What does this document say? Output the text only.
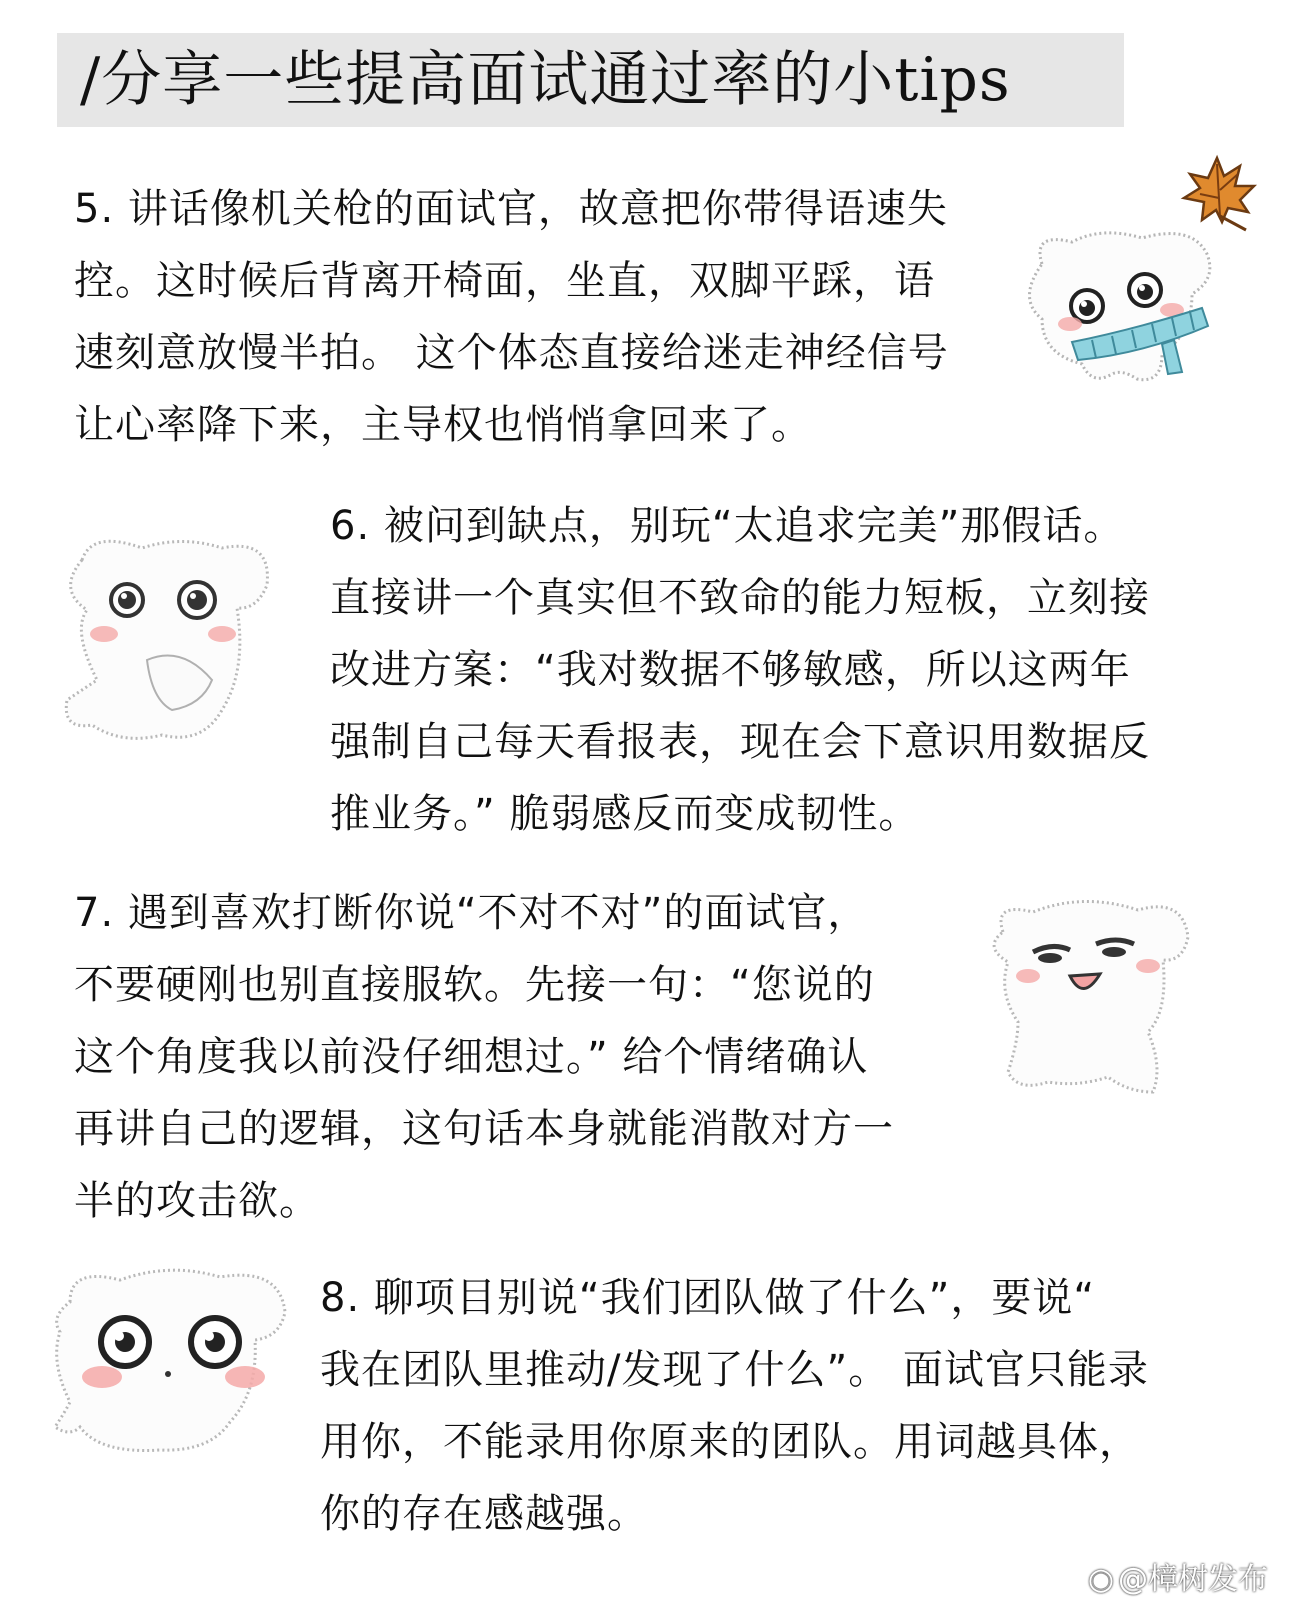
/分享一些提高面试通过率的小tips
5. 讲话像机关枪的面试官，故意把你带得语速失
控。这时候后背离开椅面，坐直，双脚平踩，语
速刻意放慢半拍。 这个体态直接给迷走神经信号
让心率降下来，主导权也悄悄拿回来了。
6. 被问到缺点，别玩“太追求完美”那假话。
直接讲一个真实但不致命的能力短板，立刻接
改进方案：“我对数据不够敏感，所以这两年
强制自己每天看报表，现在会下意识用数据反
推业务。” 脆弱感反而变成韧性。
7. 遇到喜欢打断你说“不对不对”的面试官，
不要硬刚也别直接服软。先接一句：“您说的
这个角度我以前没仔细想过。” 给个情绪确认
再讲自己的逻辑，这句话本身就能消散对方一
半的攻击欲。
8. 聊项目别说“我们团队做了什么”，要说“
我在团队里推动/发现了什么”。 面试官只能录
用你，不能录用你原来的团队。用词越具体，
你的存在感越强。
◉ @樟树发布
